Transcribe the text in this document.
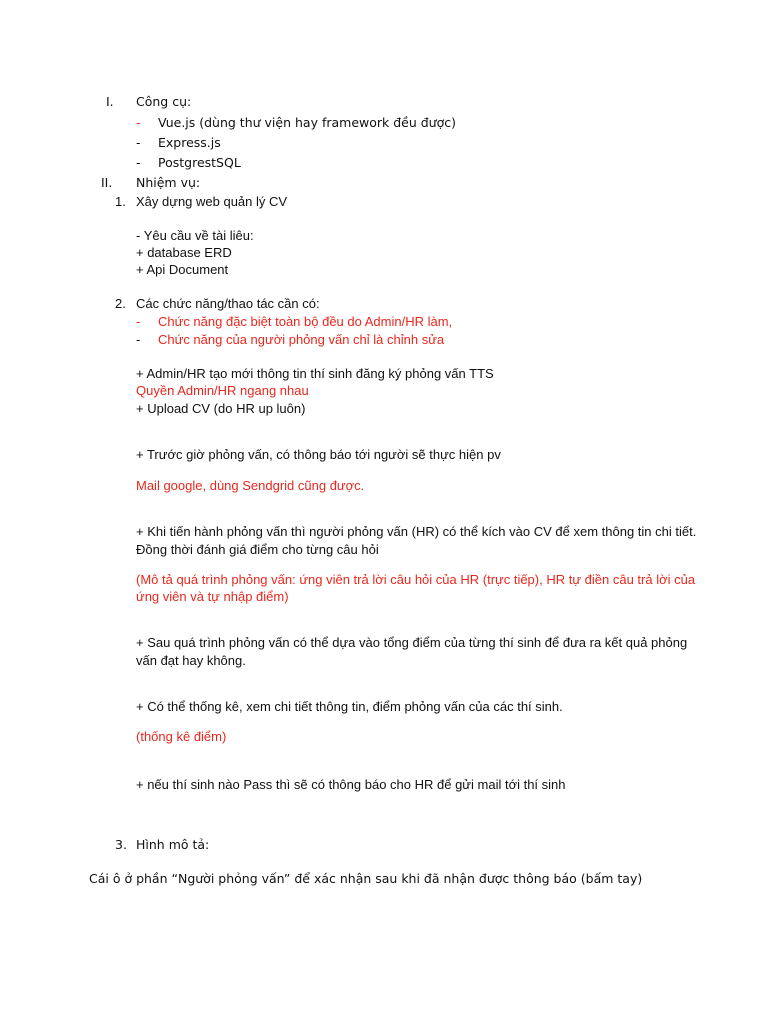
I. Công cụ:
- Vue.js (dùng thư viện hay framework đều được)
- Express.js
- PostgrestSQL
II. Nhiệm vụ:
1. Xây dựng web quản lý CV
- Yêu cầu về tài liêu:
+ database ERD
+ Api Document
2. Các chức năng/thao tác cần có:
- Chức năng đặc biệt toàn bộ đều do Admin/HR làm,
- Chức năng của người phỏng vấn chỉ là chỉnh sửa
+ Admin/HR tạo mới thông tin thí sinh đăng ký phỏng vấn TTS
Quyền Admin/HR ngang nhau
+ Upload CV (do HR up luôn)
+ Trước giờ phỏng vấn, có thông báo tới người sẽ thực hiện pv
Mail google, dùng Sendgrid cũng được.
+ Khi tiến hành phỏng vấn thì người phỏng vấn (HR) có thể kích vào CV để xem thông tin chi tiết.
Đồng thời đánh giá điểm cho từng câu hỏi
(Mô tả quá trình phỏng vấn: ứng viên trả lời câu hỏi của HR (trực tiếp), HR tự điền câu trả lời của
ứng viên và tự nhập điểm)
+ Sau quá trình phỏng vấn có thể dựa vào tổng điểm của từng thí sinh để đưa ra kết quả phỏng
vấn đạt hay không.
+ Có thể thống kê, xem chi tiết thông tin, điểm phỏng vấn của các thí sinh.
(thống kê điểm)
+ nếu thí sinh nào Pass thì sẽ có thông báo cho HR để gửi mail tới thí sinh
3. Hình mô tả:
Cái ô ở phần “Người phỏng vấn” để xác nhận sau khi đã nhận được thông báo (bấm tay)
